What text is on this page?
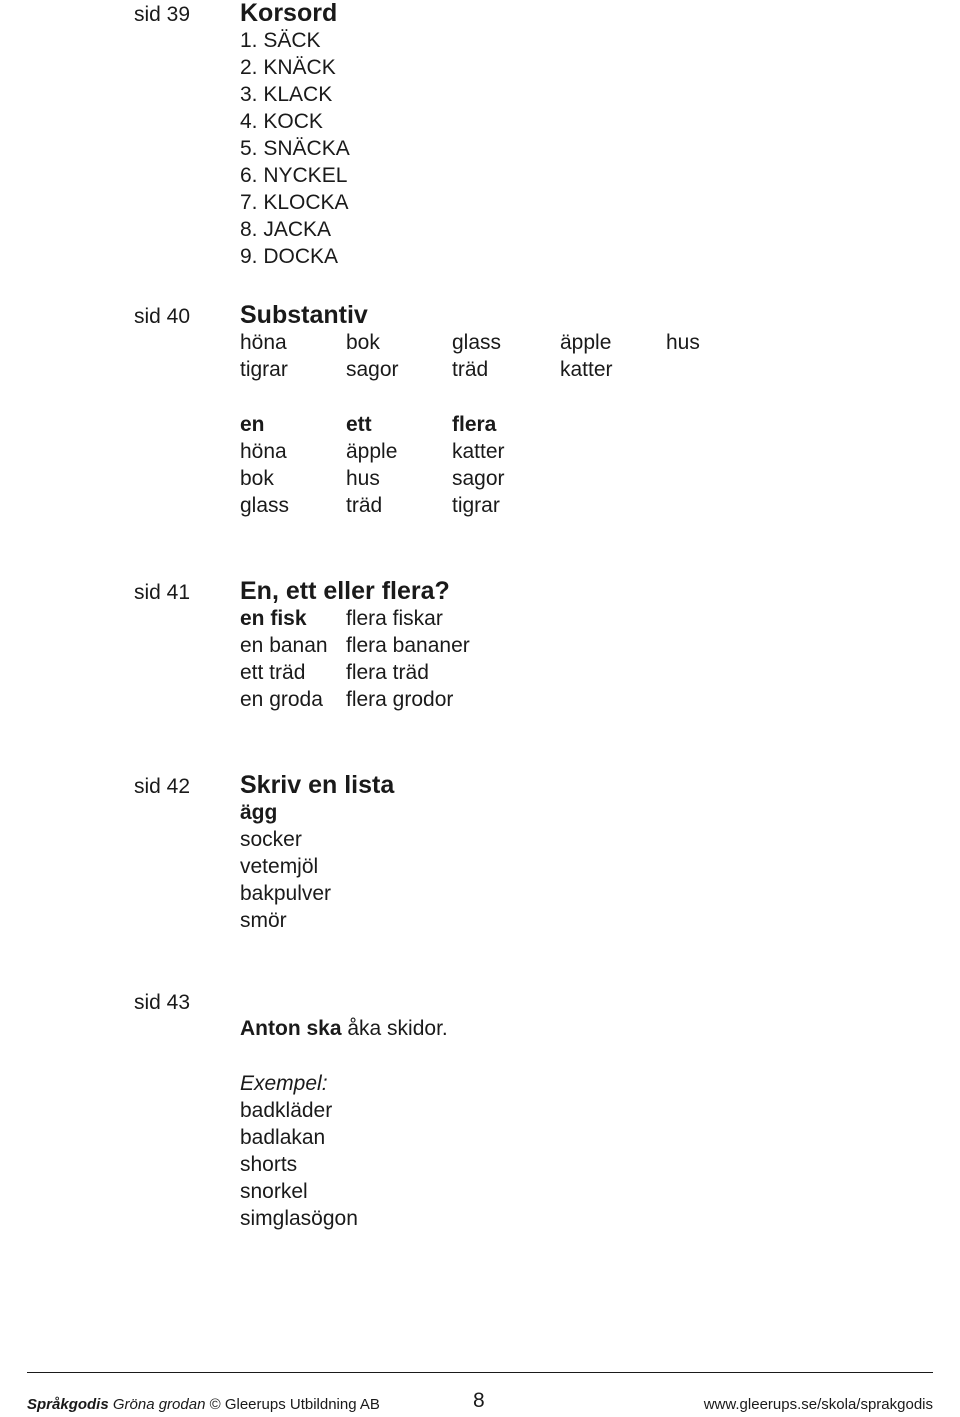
sid 39	Korsord
1. SÄCK
2. KNÄCK
3. KLACK
4. KOCK
5. SNÄCKA
6. NYCKEL
7. KLOCKA
8. JACKA
9. DOCKA
sid 40	Substantiv
höna	bok	glass	äpple	hus
tigrar	sagor	träd	katter
en	ett	flera
höna	äpple	katter
bok	hus	sagor
glass	träd	tigrar
sid 41	En, ett eller flera?
en fisk	flera fiskar
en banan flera bananer
ett träd	flera träd
en groda	flera grodor
sid 42	Skriv en lista
ägg
socker
vetemjöl
bakpulver
smör
sid 43
Anton ska åka skidor.
Exempel:
badkläder
badlakan
shorts
snorkel
simglasögon
Språkgodis Gröna grodan © Gleerups Utbildning AB	8	www.gleerups.se/skola/sprakgodis
